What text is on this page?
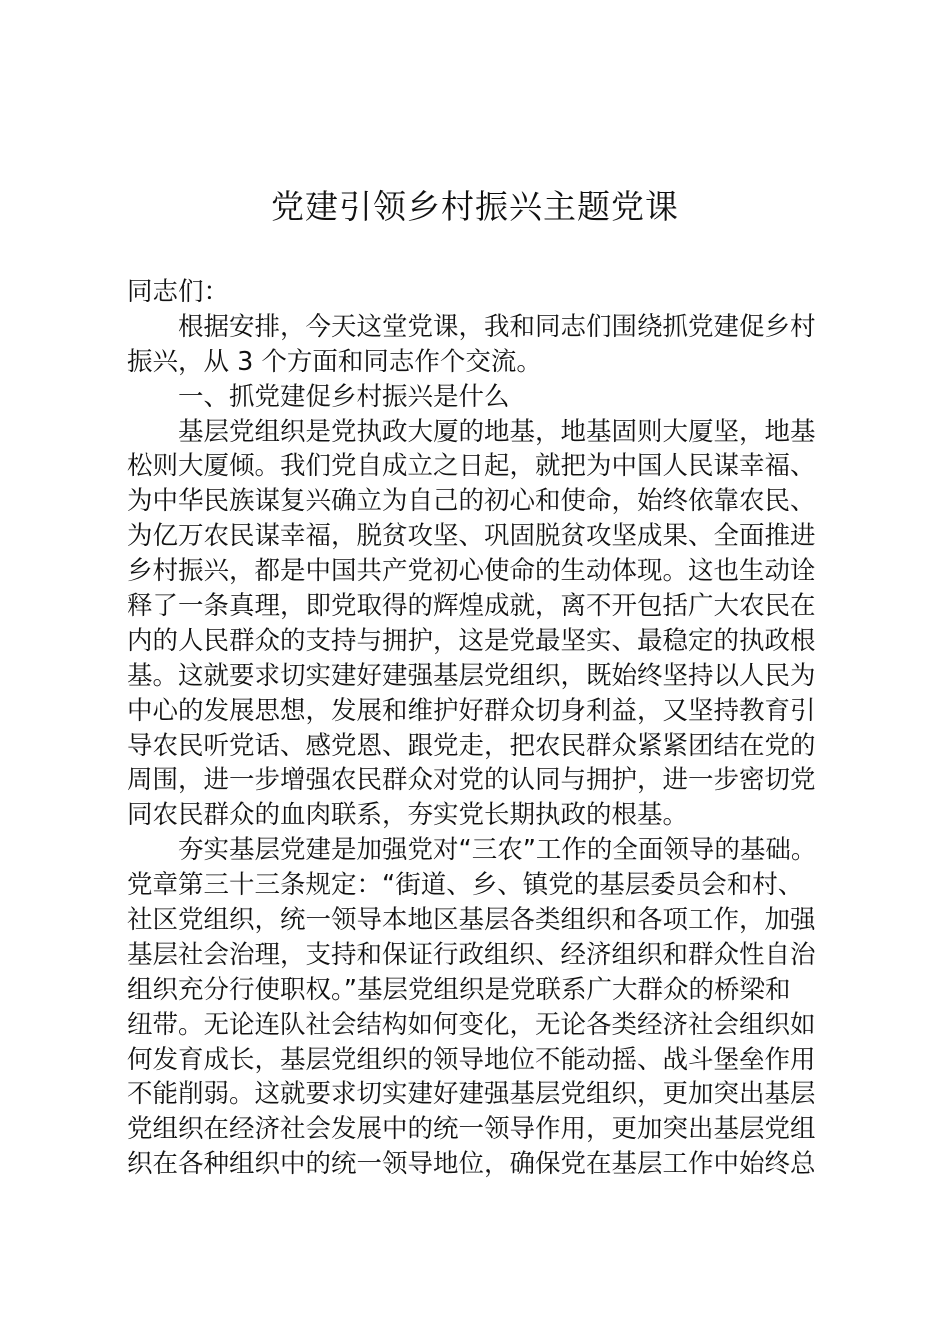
党建引领乡村振兴主题党课
同志们：
根据安排，今天这堂党课，我和同志们围绕抓党建促乡村
振兴，从 3 个方面和同志作个交流。
一、抓党建促乡村振兴是什么
基层党组织是党执政大厦的地基，地基固则大厦坚，地基
松则大厦倾。我们党自成立之日起，就把为中国人民谋幸福、
为中华民族谋复兴确立为自己的初心和使命，始终依靠农民、
为亿万农民谋幸福，脱贫攻坚、巩固脱贫攻坚成果、全面推进
乡村振兴，都是中国共产党初心使命的生动体现。这也生动诠
释了一条真理，即党取得的辉煌成就，离不开包括广大农民在
内的人民群众的支持与拥护，这是党最坚实、最稳定的执政根
基。这就要求切实建好建强基层党组织，既始终坚持以人民为
中心的发展思想，发展和维护好群众切身利益，又坚持教育引
导农民听党话、感党恩、跟党走，把农民群众紧紧团结在党的
周围，进一步增强农民群众对党的认同与拥护，进一步密切党
同农民群众的血肉联系，夯实党长期执政的根基。
夯实基层党建是加强党对“三农”工作的全面领导的基础。
党章第三十三条规定：“街道、乡、镇党的基层委员会和村、
社区党组织，统一领导本地区基层各类组织和各项工作，加强
基层社会治理，支持和保证行政组织、经济组织和群众性自治
组织充分行使职权。”基层党组织是党联系广大群众的桥梁和
纽带。无论连队社会结构如何变化，无论各类经济社会组织如
何发育成长，基层党组织的领导地位不能动摇、战斗堡垒作用
不能削弱。这就要求切实建好建强基层党组织，更加突出基层
党组织在经济社会发展中的统一领导作用，更加突出基层党组
织在各种组织中的统一领导地位，确保党在基层工作中始终总
